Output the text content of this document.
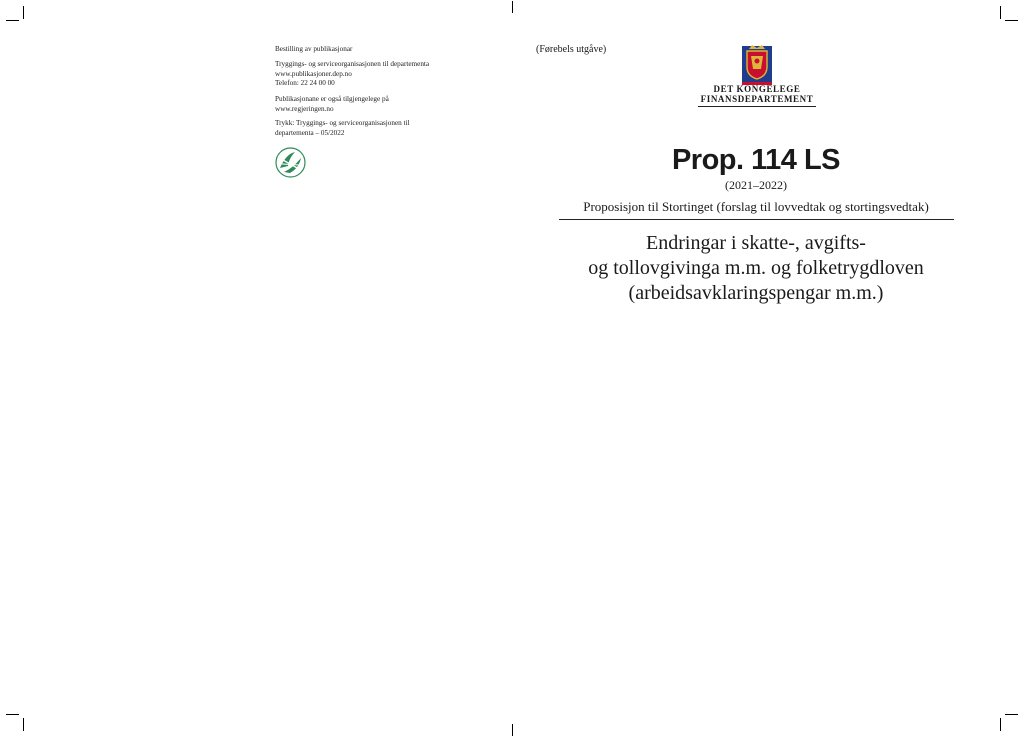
Bestilling av publikasjonar
Tryggings- og serviceorganisasjonen til departementa
www.publikasjoner.dep.no
Telefon: 22 24 00 00
Publikasjonane er også tilgjengelege på
www.regjeringen.no
Trykk: Tryggings- og serviceorganisasjonen til
departementa – 05/2022
(Førebels utgåve)
DET KONGELEGE
FINANSDEPARTEMENT
Prop. 114 LS
(2021–2022)
Proposisjon til Stortinget (forslag til lovvedtak og stortingsvedtak)
Endringar i skatte-, avgifts-
og tollovgivinga m.m. og folketrygdloven
(arbeidsavklaringspengar m.m.)
